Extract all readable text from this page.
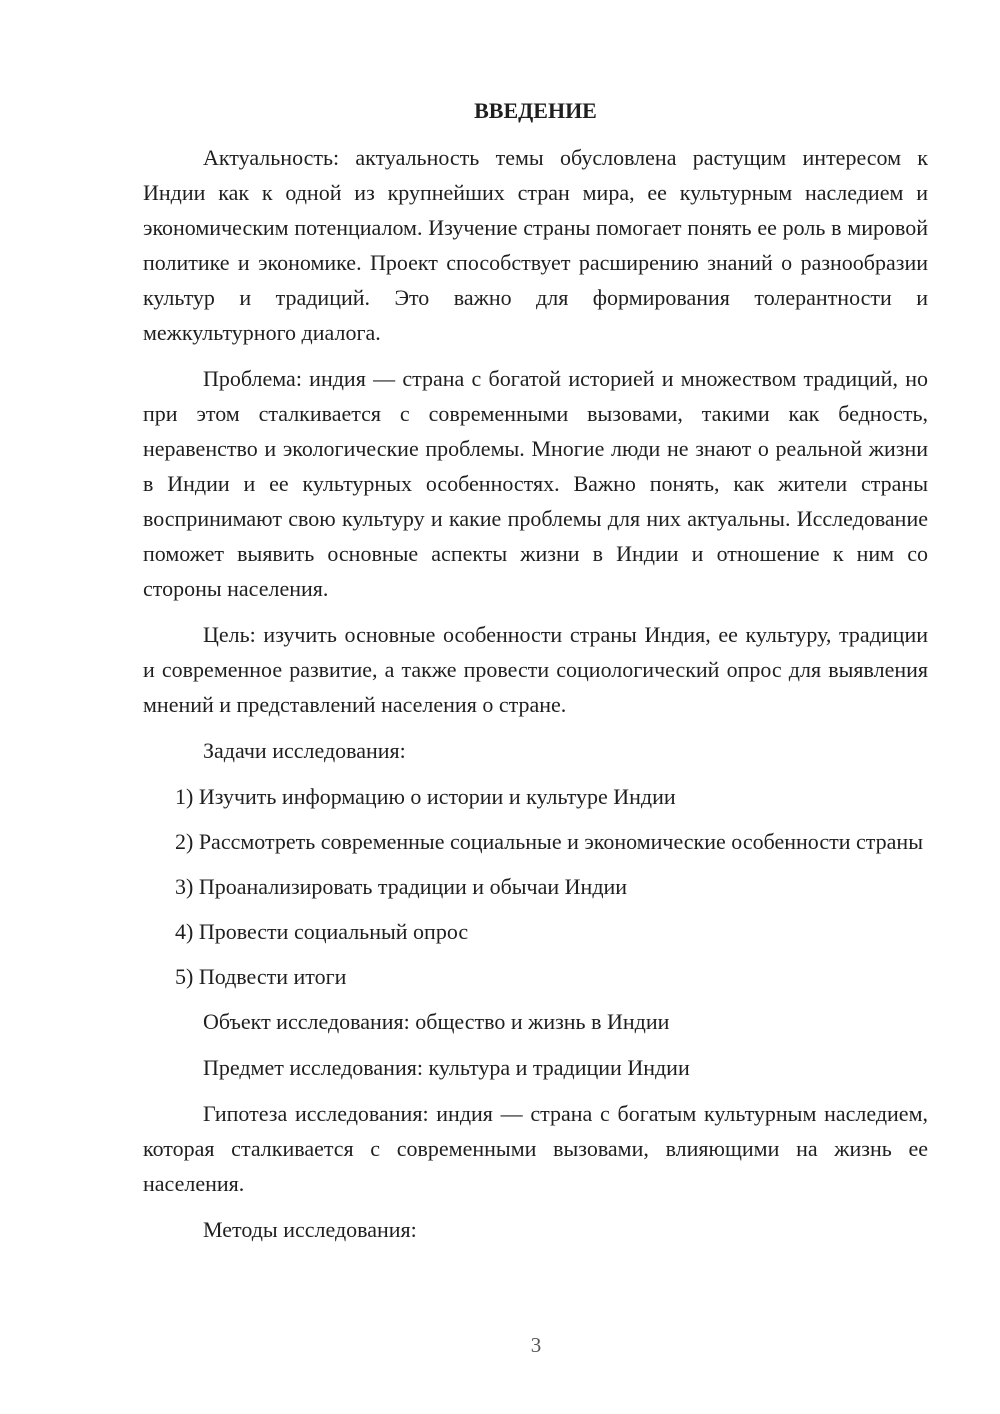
ВВЕДЕНИЕ

Актуальность: актуальность темы обусловлена растущим интересом к Индии как к одной из крупнейших стран мира, ее культурным наследием и экономическим потенциалом. Изучение страны помогает понять ее роль в мировой политике и экономике. Проект способствует расширению знаний о разнообразии культур и традиций. Это важно для формирования толерантности и межкультурного диалога.

Проблема: индия — страна с богатой историей и множеством традиций, но при этом сталкивается с современными вызовами, такими как бедность, неравенство и экологические проблемы. Многие люди не знают о реальной жизни в Индии и ее культурных особенностях. Важно понять, как жители страны воспринимают свою культуру и какие проблемы для них актуальны. Исследование поможет выявить основные аспекты жизни в Индии и отношение к ним со стороны населения.

Цель: изучить основные особенности страны Индия, ее культуру, традиции и современное развитие, а также провести социологический опрос для выявления мнений и представлений населения о стране.

Задачи исследования:

1) Изучить информацию о истории и культуре Индии

2) Рассмотреть современные социальные и экономические особенности страны

3) Проанализировать традиции и обычаи Индии

4) Провести социальный опрос

5) Подвести итоги

Объект исследования: общество и жизнь в Индии

Предмет исследования: культура и традиции Индии

Гипотеза исследования: индия — страна с богатым культурным наследием, которая сталкивается с современными вызовами, влияющими на жизнь ее населения.

Методы исследования:

3
